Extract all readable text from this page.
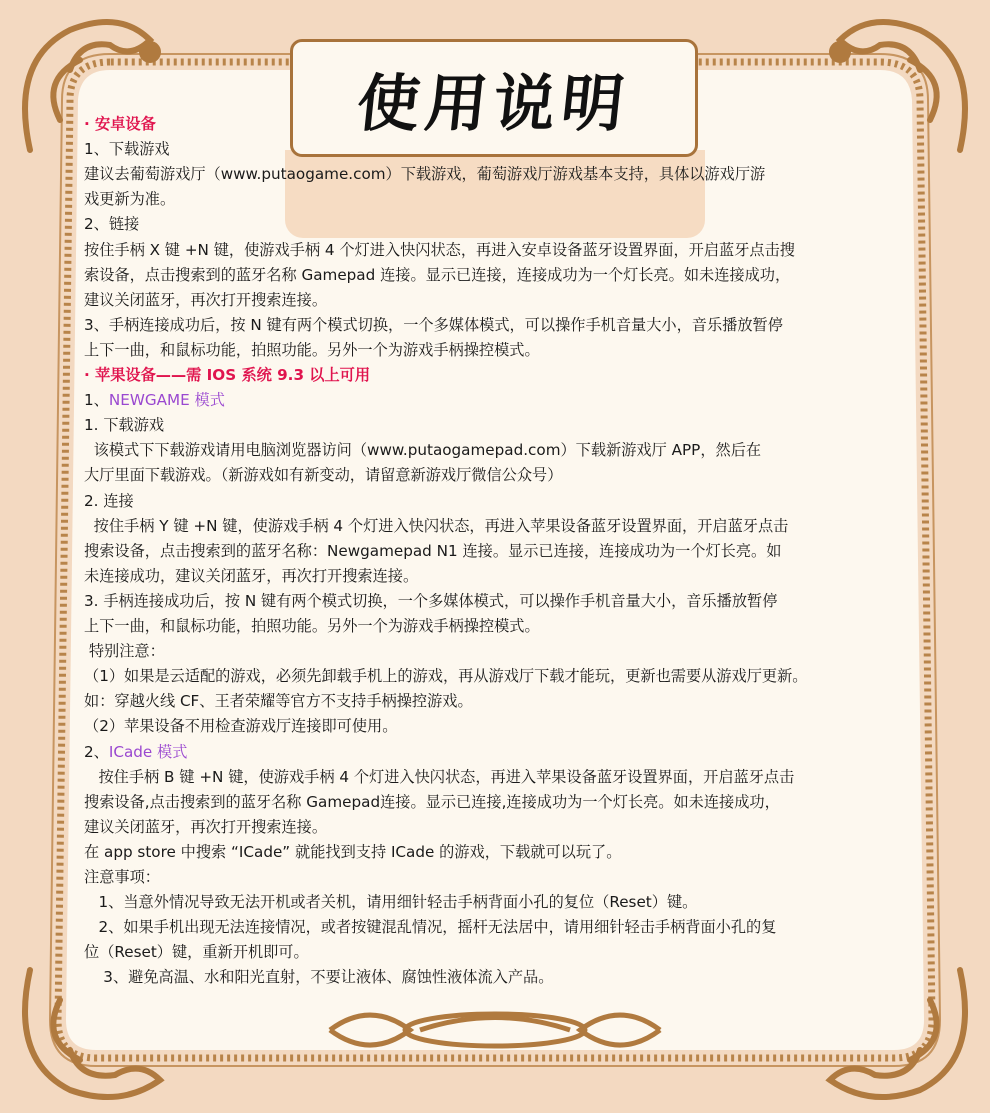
使用说明
· 安卓设备
1、下载游戏
建议去葡萄游戏厅（www.putaogame.com）下载游戏，葡萄游戏厅游戏基本支持，具体以游戏厅游
戏更新为准。
2、链接
按住手柄 X 键 +N 键，使游戏手柄 4 个灯进入快闪状态，再进入安卓设备蓝牙设置界面，开启蓝牙点击搜
索设备，点击搜索到的蓝牙名称 Gamepad 连接。显示已连接，连接成功为一个灯长亮。如未连接成功，
建议关闭蓝牙，再次打开搜索连接。
3、手柄连接成功后，按 N 键有两个模式切换，一个多媒体模式，可以操作手机音量大小，音乐播放暂停
上下一曲，和鼠标功能，拍照功能。另外一个为游戏手柄操控模式。
· 苹果设备——需 IOS 系统 9.3 以上可用
1、NEWGAME 模式
1. 下载游戏
该模式下下载游戏请用电脑浏览器访问（www.putaogamepad.com）下载新游戏厅 APP，然后在
大厅里面下载游戏。（新游戏如有新变动，请留意新游戏厅微信公众号）
2. 连接
按住手柄 Y 键 +N 键，使游戏手柄 4 个灯进入快闪状态，再进入苹果设备蓝牙设置界面，开启蓝牙点击
搜索设备，点击搜索到的蓝牙名称：Newgamepad N1 连接。显示已连接，连接成功为一个灯长亮。如
未连接成功，建议关闭蓝牙，再次打开搜索连接。
3. 手柄连接成功后，按 N 键有两个模式切换，一个多媒体模式，可以操作手机音量大小，音乐播放暂停
上下一曲，和鼠标功能，拍照功能。另外一个为游戏手柄操控模式。
特别注意：
（1）如果是云适配的游戏，必须先卸载手机上的游戏，再从游戏厅下载才能玩，更新也需要从游戏厅更新。
如：穿越火线 CF、王者荣耀等官方不支持手柄操控游戏。
（2）苹果设备不用检查游戏厅连接即可使用。
2、ICade 模式
按住手柄 B 键 +N 键，使游戏手柄 4 个灯进入快闪状态，再进入苹果设备蓝牙设置界面，开启蓝牙点击
搜索设备,点击搜索到的蓝牙名称 Gamepad连接。显示已连接,连接成功为一个灯长亮。如未连接成功，
建议关闭蓝牙，再次打开搜索连接。
在 app store 中搜索 “ICade” 就能找到支持 ICade 的游戏，下载就可以玩了。
注意事项：
1、当意外情况导致无法开机或者关机，请用细针轻击手柄背面小孔的复位（Reset）键。
2、如果手机出现无法连接情况，或者按键混乱情况，摇杆无法居中，请用细针轻击手柄背面小孔的复
位（Reset）键，重新开机即可。
3、避免高温、水和阳光直射，不要让液体、腐蚀性液体流入产品。
